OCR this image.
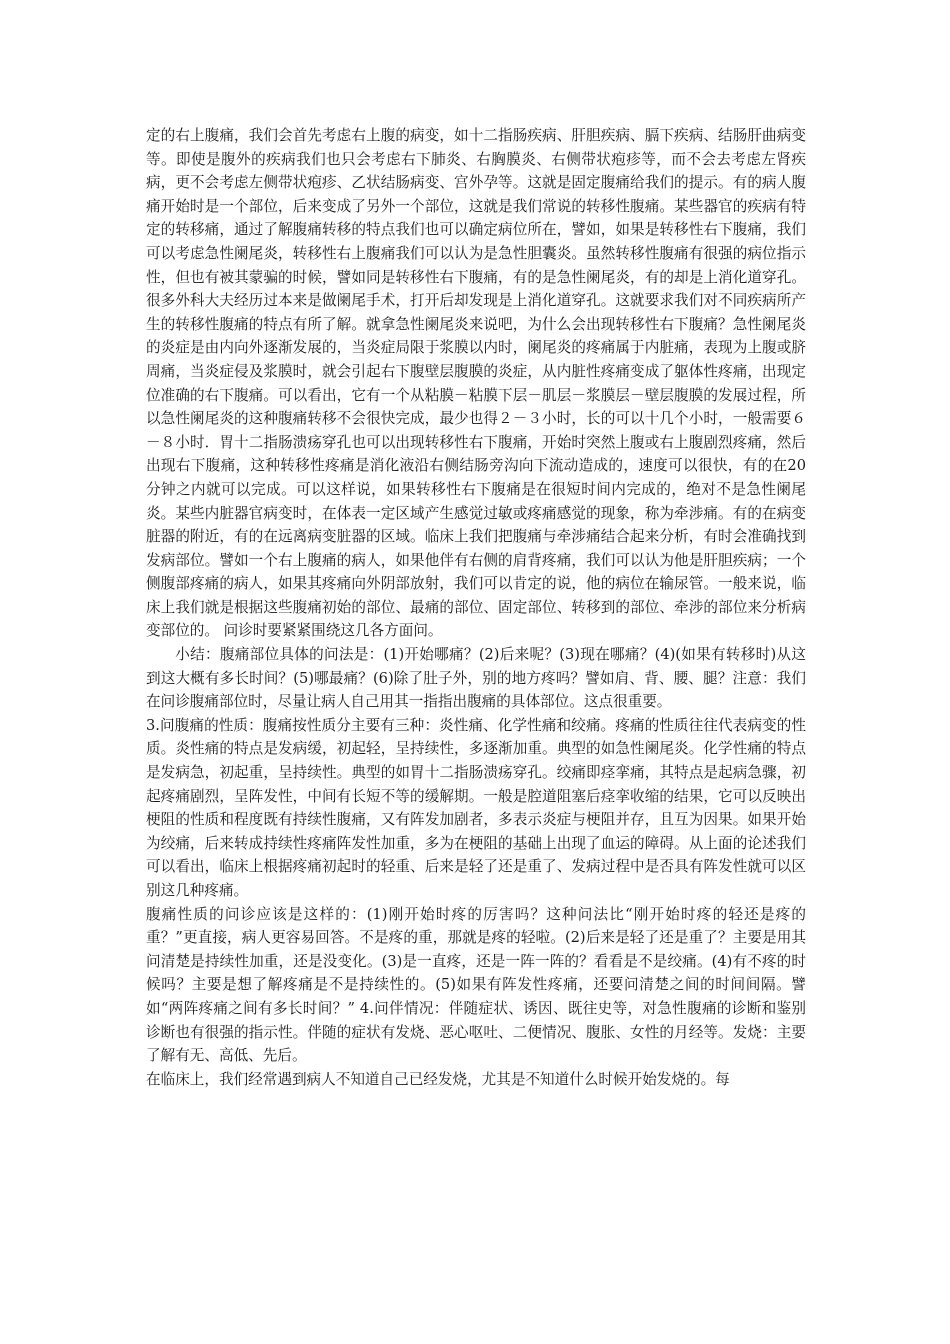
定的右上腹痛，我们会首先考虑右上腹的病变，如十二指肠疾病、肝胆疾病、膈下疾病、结肠肝曲病变等。即使是腹外的疾病我们也只会考虑右下肺炎、右胸膜炎、右侧带状疱疹等，而不会去考虑左肾疾病，更不会考虑左侧带状疱疹、乙状结肠病变、宫外孕等。这就是固定腹痛给我们的提示。有的病人腹痛开始时是一个部位，后来变成了另外一个部位，这就是我们常说的转移性腹痛。某些器官的疾病有特定的转移痛，通过了解腹痛转移的特点我们也可以确定病位所在，譬如，如果是转移性右下腹痛，我们可以考虑急性阑尾炎，转移性右上腹痛我们可以认为是急性胆囊炎。虽然转移性腹痛有很强的病位指示性，但也有被其蒙骗的时候，譬如同是转移性右下腹痛，有的是急性阑尾炎，有的却是上消化道穿孔。很多外科大夫经历过本来是做阑尾手术，打开后却发现是上消化道穿孔。这就要求我们对不同疾病所产生的转移性腹痛的特点有所了解。就拿急性阑尾炎来说吧，为什么会出现转移性右下腹痛？急性阑尾炎的炎症是由内向外逐渐发展的，当炎症局限于浆膜以内时，阑尾炎的疼痛属于内脏痛，表现为上腹或脐周痛，当炎症侵及浆膜时，就会引起右下腹壁层腹膜的炎症，从内脏性疼痛变成了躯体性疼痛，出现定位准确的右下腹痛。可以看出，它有一个从粘膜－粘膜下层－肌层－浆膜层－壁层腹膜的发展过程，所以急性阑尾炎的这种腹痛转移不会很快完成，最少也得２－３小时，长的可以十几个小时，一般需要６－８小时．胃十二指肠溃疡穿孔也可以出现转移性右下腹痛，开始时突然上腹或右上腹剧烈疼痛，然后出现右下腹痛，这种转移性疼痛是消化液沿右侧结肠旁沟向下流动造成的，速度可以很快，有的在20分钟之内就可以完成。可以这样说，如果转移性右下腹痛是在很短时间内完成的，绝对不是急性阑尾炎。某些内脏器官病变时，在体表一定区域产生感觉过敏或疼痛感觉的现象，称为牵涉痛。有的在病变脏器的附近，有的在远离病变脏器的区域。临床上我们把腹痛与牵涉痛结合起来分析，有时会准确找到发病部位。譬如一个右上腹痛的病人，如果他伴有右侧的肩背疼痛，我们可以认为他是肝胆疾病；一个侧腹部疼痛的病人，如果其疼痛向外阴部放射，我们可以肯定的说，他的病位在输尿管。一般来说，临床上我们就是根据这些腹痛初始的部位、最痛的部位、固定部位、转移到的部位、牵涉的部位来分析病变部位的。 问诊时要紧紧围绕这几各方面问。

小结：腹痛部位具体的问法是：(1)开始哪痛？(2)后来呢？(3)现在哪痛？(4)(如果有转移时)从这到这大概有多长时间？(5)哪最痛？(6)除了肚子外，别的地方疼吗？譬如肩、背、腰、腿？注意：我们在问诊腹痛部位时，尽量让病人自己用其一指指出腹痛的具体部位。这点很重要。

3.问腹痛的性质：腹痛按性质分主要有三种：炎性痛、化学性痛和绞痛。疼痛的性质往往代表病变的性质。炎性痛的特点是发病缓，初起轻，呈持续性，多逐渐加重。典型的如急性阑尾炎。化学性痛的特点是发病急，初起重，呈持续性。典型的如胃十二指肠溃疡穿孔。绞痛即痉挛痛，其特点是起病急骤，初起疼痛剧烈，呈阵发性，中间有长短不等的缓解期。一般是腔道阻塞后痉挛收缩的结果，它可以反映出梗阻的性质和程度既有持续性腹痛，又有阵发加剧者，多表示炎症与梗阻并存，且互为因果。如果开始为绞痛，后来转成持续性疼痛阵发性加重，多为在梗阻的基础上出现了血运的障碍。从上面的论述我们可以看出，临床上根据疼痛初起时的轻重、后来是轻了还是重了、发病过程中是否具有阵发性就可以区别这几种疼痛。

腹痛性质的问诊应该是这样的：(1)刚开始时疼的厉害吗？这种问法比“刚开始时疼的轻还是疼的重？”更直接，病人更容易回答。不是疼的重，那就是疼的轻啦。(2)后来是轻了还是重了？主要是用其问清楚是持续性加重，还是没变化。(3)是一直疼，还是一阵一阵的？看看是不是绞痛。(4)有不疼的时候吗？主要是想了解疼痛是不是持续性的。(5)如果有阵发性疼痛，还要问清楚之间的时间间隔。譬如“两阵疼痛之间有多长时间？” 4.问伴情况：伴随症状、诱因、既往史等，对急性腹痛的诊断和鉴别诊断也有很强的指示性。伴随的症状有发烧、恶心呕吐、二便情况、腹胀、女性的月经等。发烧：主要了解有无、高低、先后。

在临床上，我们经常遇到病人不知道自己已经发烧，尤其是不知道什么时候开始发烧的。每
